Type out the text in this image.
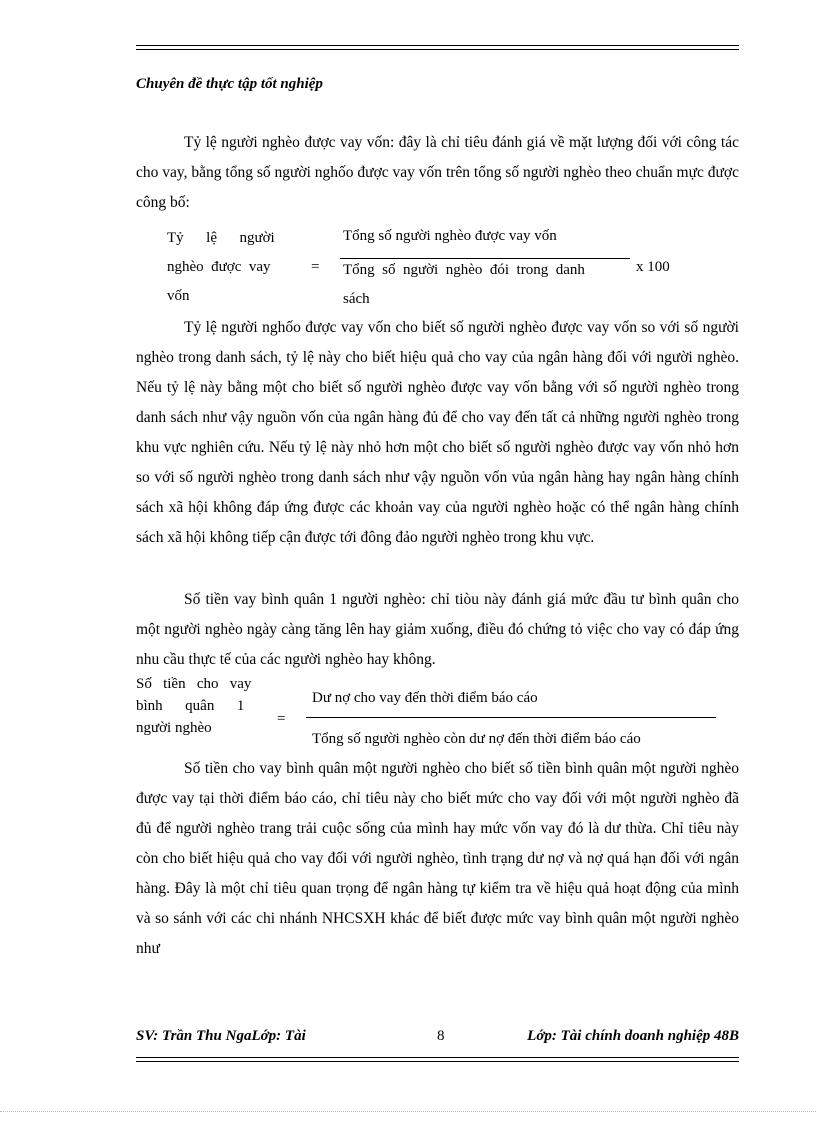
Chuyên đề thực tập tốt nghiệp

Tỷ lệ người nghèo được vay vốn: đây là chỉ tiêu đánh giá về mặt lượng đối với công tác cho vay, bằng tổng số người nghốo được vay vốn trên tổng số người nghèo theo chuẩn mực được công bố:

Tỷ      lệ      người
nghèo  được  vay
vốn
=
Tổng số người nghèo được vay vốn
Tổng  số  người  nghèo  đói  trong  danh
sách
x 100

Tỷ lệ người nghốo được vay vốn cho biết số người nghèo được vay vốn so với số người nghèo trong danh sách, tỷ lệ này cho biết hiệu quả cho vay của ngân hàng đối với người nghèo. Nếu tỷ lệ này bằng một cho biết số người nghèo được vay vốn bằng với số người nghèo trong danh sách như vậy nguồn vốn của ngân hàng đủ để cho vay đến tất cả những người nghèo trong khu vực nghiên cứu. Nếu tỷ lệ này nhỏ hơn một cho biết số người nghèo được vay vốn nhỏ hơn so với số người nghèo trong danh sách như vậy nguồn vốn vủa ngân hàng hay ngân hàng chính sách xã hội không đáp ứng được các khoản vay của người nghèo hoặc có thể ngân hàng chính sách xã hội không tiếp cận được tới đông đảo người nghèo trong khu vực.

Số tiền vay bình quân 1 người nghèo: chỉ tiòu này đánh giá mức đầu tư bình quân cho một người nghèo ngày càng tăng lên hay giảm xuống, điều đó chứng tỏ việc cho vay có đáp ứng nhu cầu thực tế của các người nghèo hay không.

Số   tiền   cho   vay
bình      quân      1
người nghèo
=
Dư nợ cho vay đến thời điểm báo cáo
Tổng số người nghèo còn dư nợ đến thời điểm báo cáo

Số tiền cho vay bình quân một người nghèo cho biết số tiền bình quân một người nghèo được vay tại thời điểm báo cáo, chỉ tiêu này cho biết mức cho vay đối với một người nghèo đã đủ để người nghèo trang trải cuộc sống của mình hay mức vốn vay đó là dư thừa. Chỉ tiêu này còn cho biết hiệu quả cho vay đối với người nghèo, tình trạng dư nợ và nợ quá hạn đối với ngân hàng. Đây là một chỉ tiêu quan trọng để ngân hàng tự kiểm tra về hiệu quả hoạt động của mình và so sánh với các chi nhánh NHCSXH khác để biết được mức vay bình quân một người nghèo như

SV: Trần Thu NgaLớp: Tài	8	Lớp: Tài chính doanh nghiệp 48B
